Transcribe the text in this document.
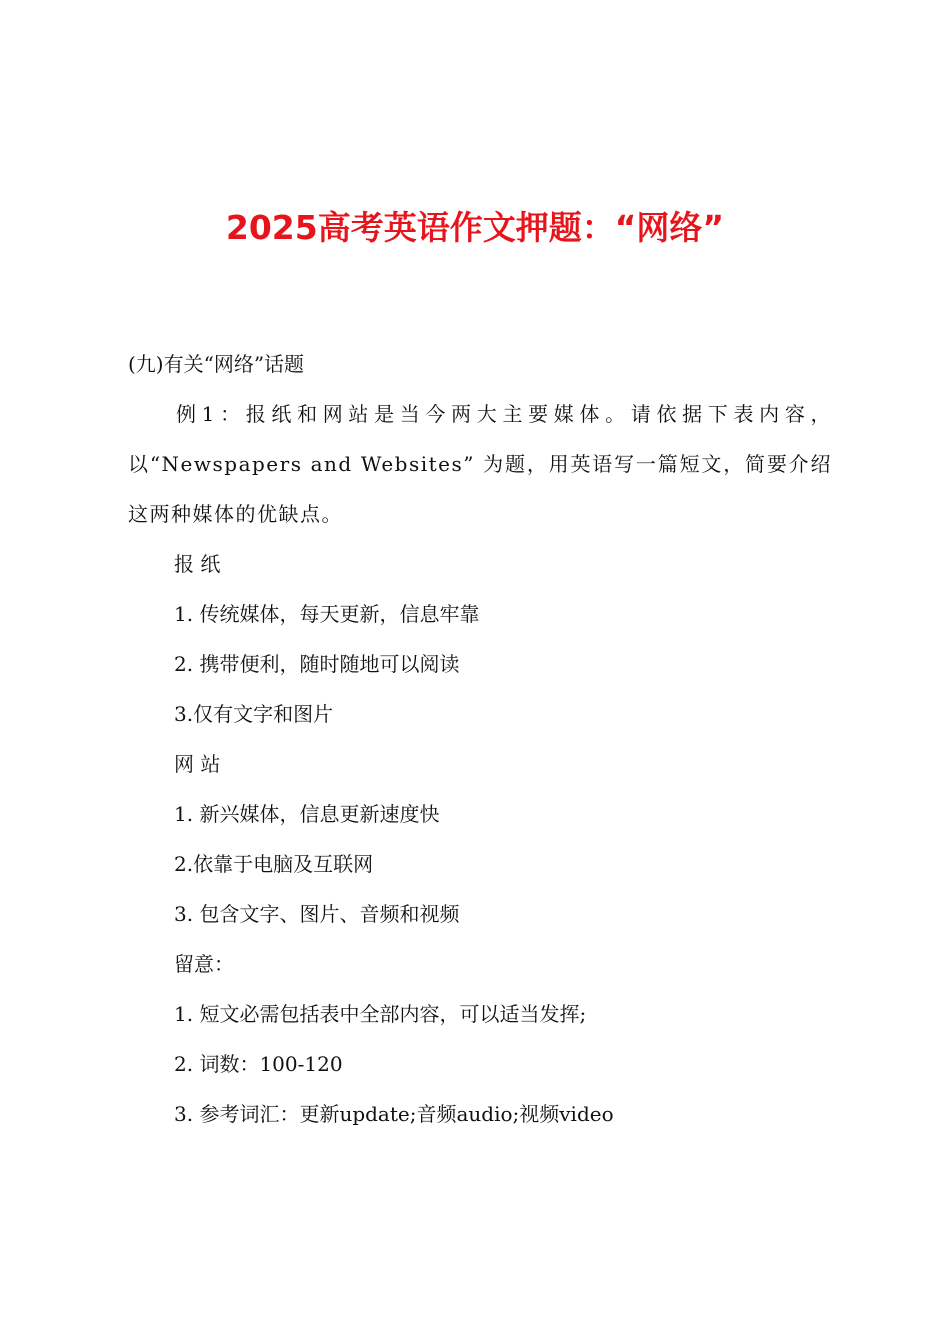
2025高考英语作文押题：“网络”
(九)有关“网络”话题
例1：报纸和网站是当今两大主要媒体。请依据下表内容，以“Newspapers and Websites” 为题，用英语写一篇短文，简要介绍这两种媒体的优缺点。
报 纸
1. 传统媒体，每天更新，信息牢靠
2. 携带便利，随时随地可以阅读
3.仅有文字和图片
网 站
1. 新兴媒体，信息更新速度快
2.依靠于电脑及互联网
3. 包含文字、图片、音频和视频
留意：
1. 短文必需包括表中全部内容，可以适当发挥;
2. 词数：100-120
3. 参考词汇：更新update;音频audio;视频video
